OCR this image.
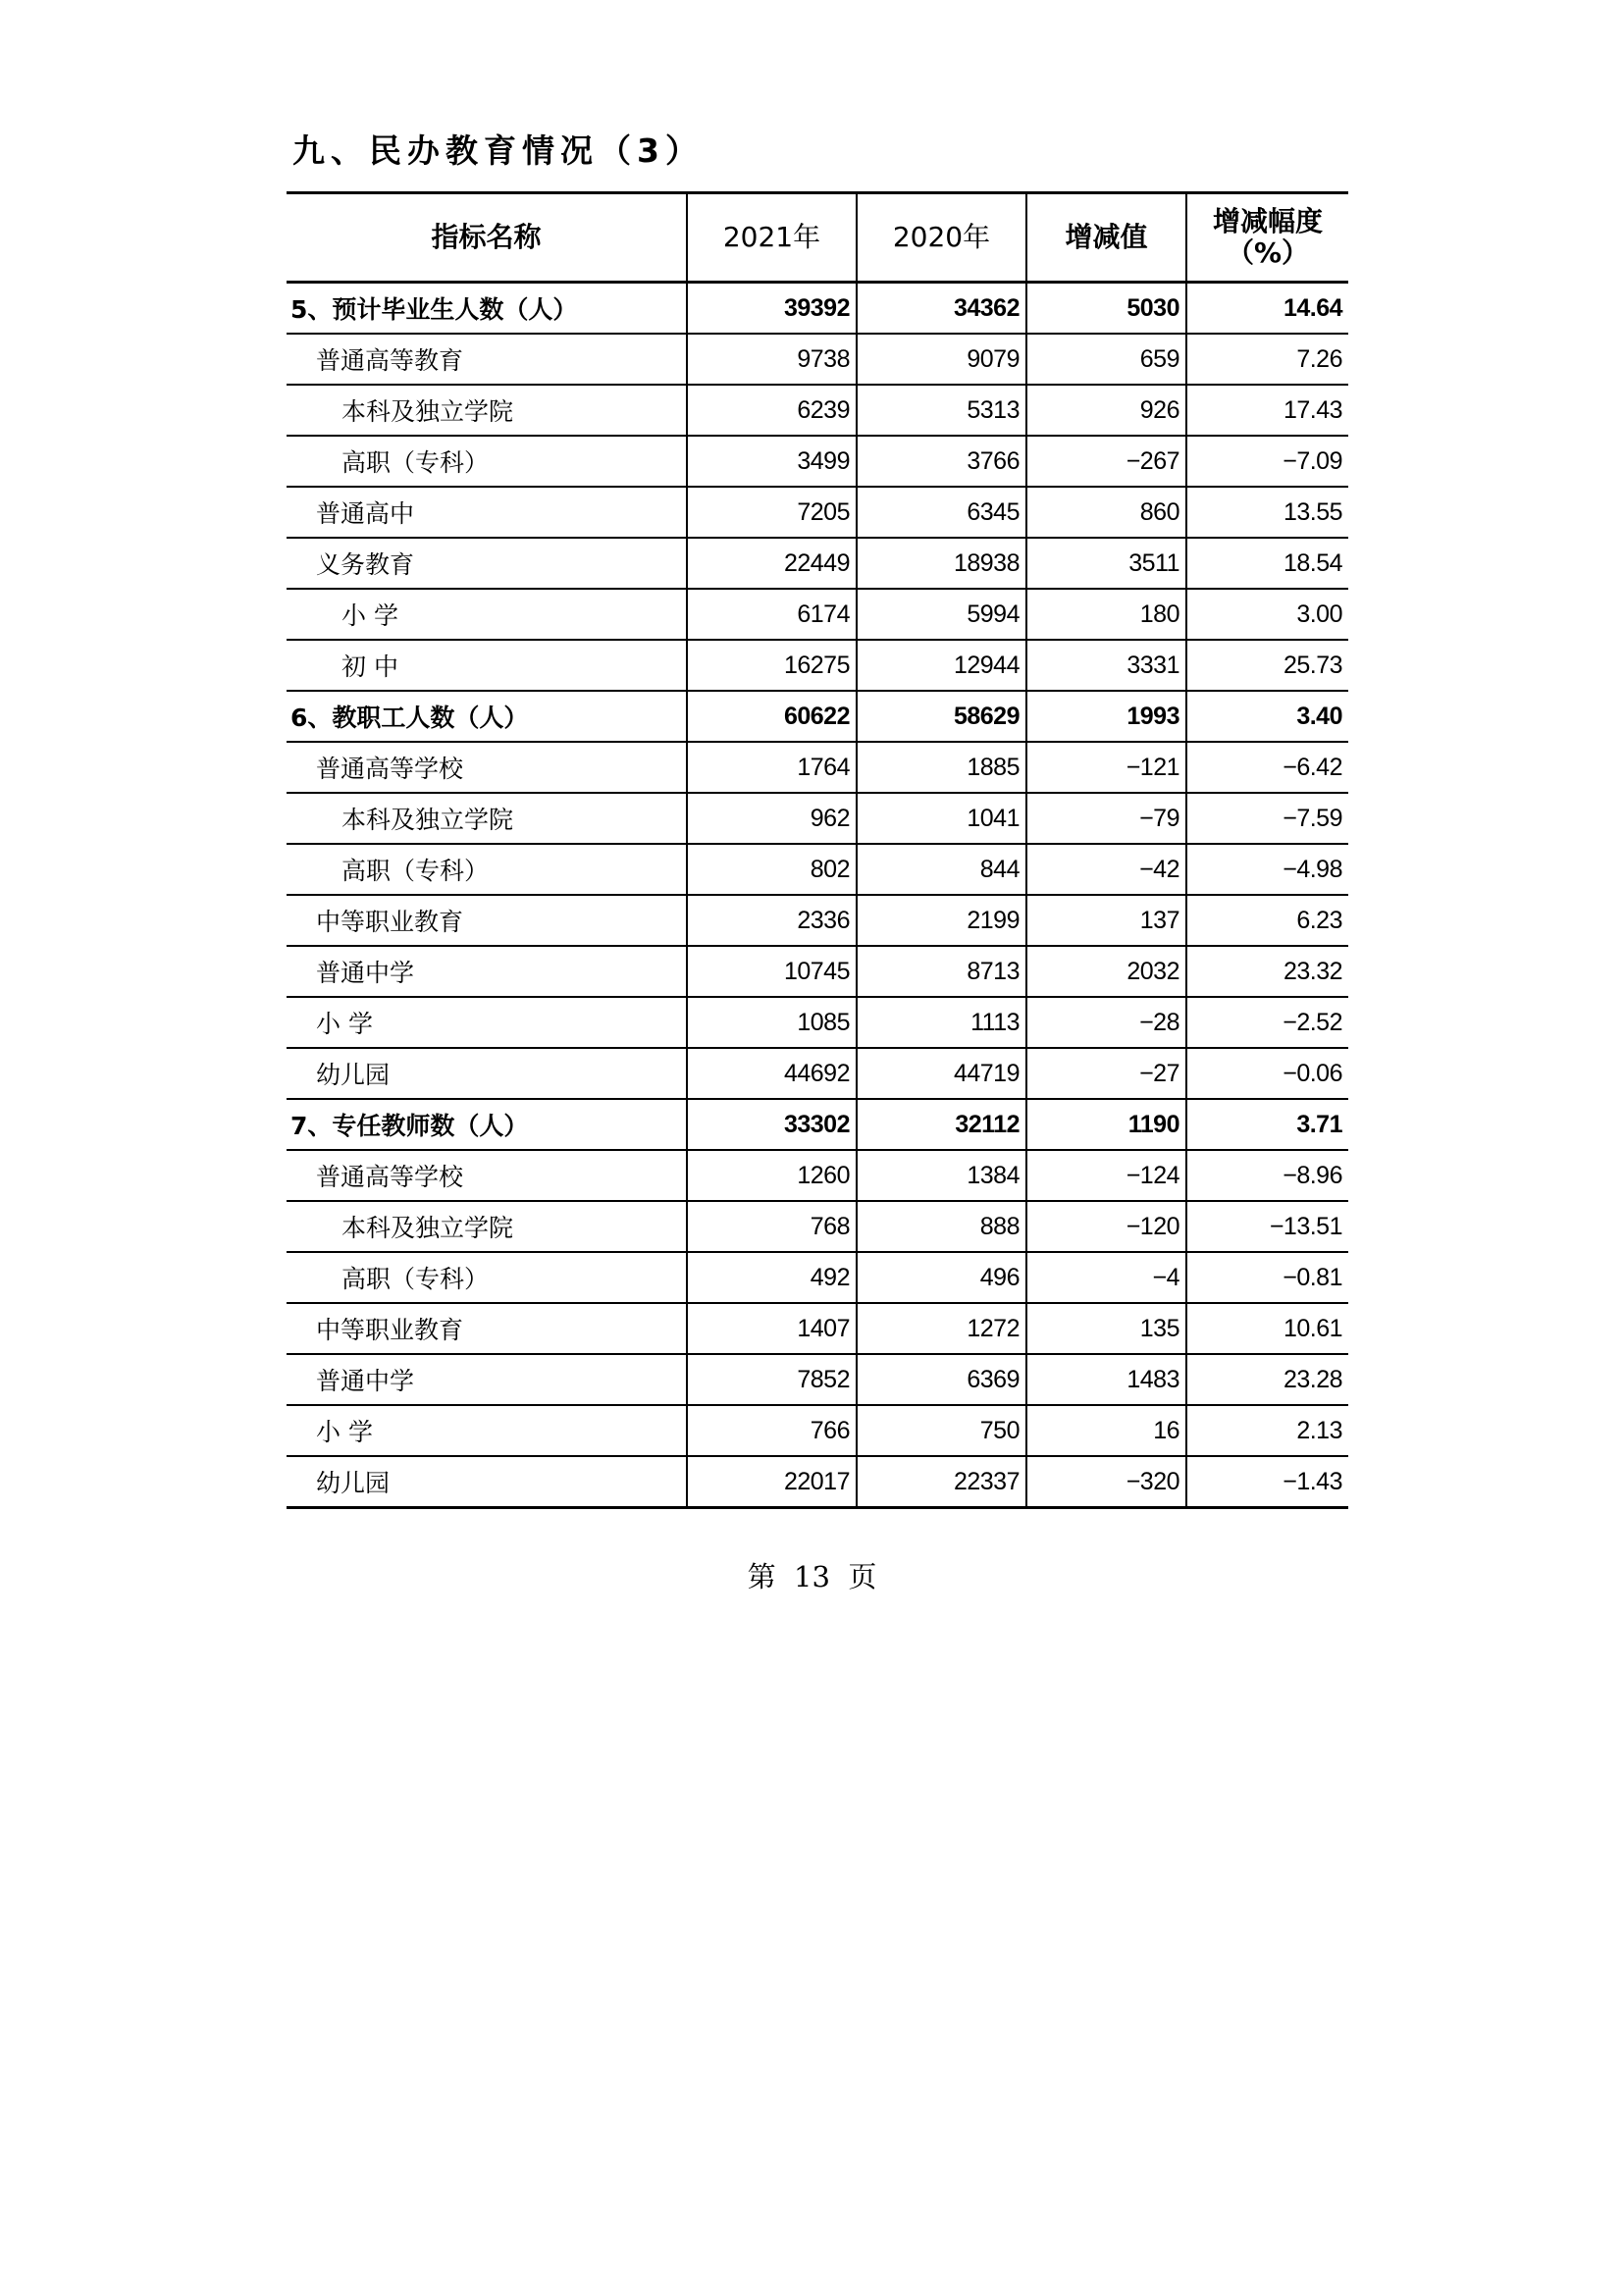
九、民办教育情况（3）
指标名称	2021年	2020年	增减值	增减幅度
（%）

5、预计毕业生人数（人）	39392	34362	5030	14.64
普通高等教育	9738	9079	659	7.26
本科及独立学院	6239	5313	926	17.43
高职（专科）	3499	3766	−267	−7.09
普通高中	7205	6345	860	13.55
义务教育	22449	18938	3511	18.54
小 学	6174	5994	180	3.00
初 中	16275	12944	3331	25.73
6、教职工人数（人）	60622	58629	1993	3.40
普通高等学校	1764	1885	−121	−6.42
本科及独立学院	962	1041	−79	−7.59
高职（专科）	802	844	−42	−4.98
中等职业教育	2336	2199	137	6.23
普通中学	10745	8713	2032	23.32
小 学	1085	1113	−28	−2.52
幼儿园	44692	44719	−27	−0.06
7、专任教师数（人）	33302	32112	1190	3.71
普通高等学校	1260	1384	−124	−8.96
本科及独立学院	768	888	−120	−13.51
高职（专科）	492	496	−4	−0.81
中等职业教育	1407	1272	135	10.61
普通中学	7852	6369	1483	23.28
小 学	766	750	16	2.13
幼儿园	22017	22337	−320	−1.43
第  13  页
